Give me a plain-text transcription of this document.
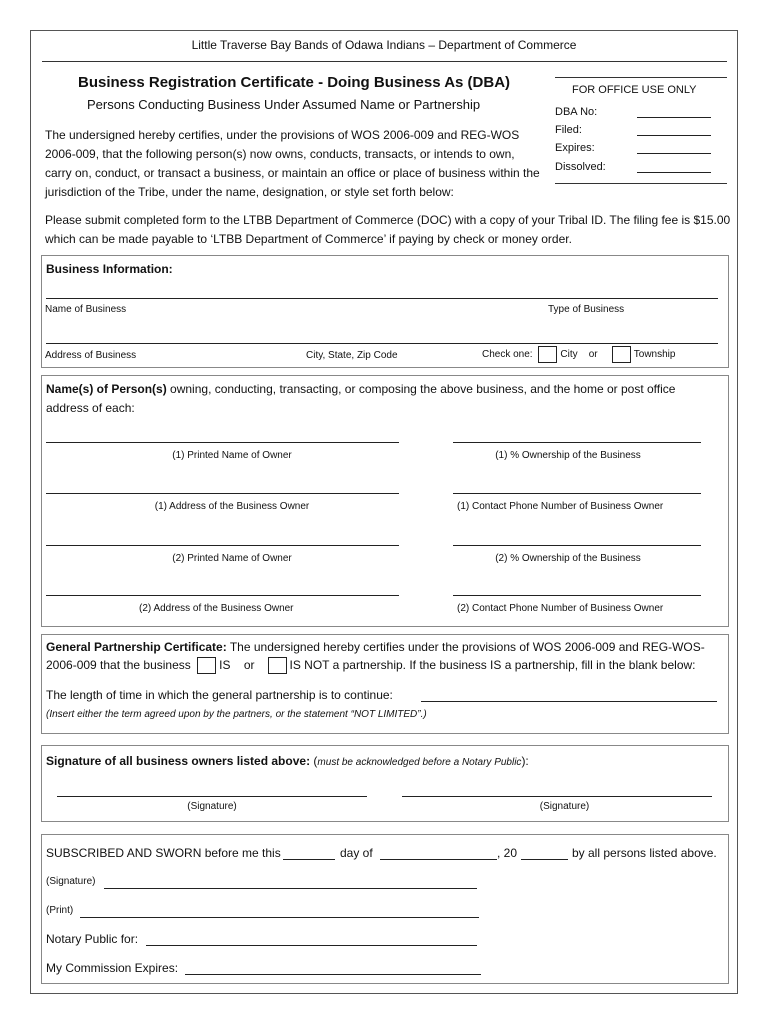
Little Traverse Bay Bands of Odawa Indians – Department of Commerce
Business Registration Certificate - Doing Business As (DBA)
Persons Conducting Business Under Assumed Name or Partnership
FOR OFFICE USE ONLY
DBA No:
Filed:
Expires:
Dissolved:
The undersigned hereby certifies, under the provisions of WOS 2006-009 and REG-WOS 2006-009, that the following person(s) now owns, conducts, transacts, or intends to own, carry on, conduct, or transact a business, or maintain an office or place of business within the jurisdiction of the Tribe, under the name, designation, or style set forth below:
Please submit completed form to the LTBB Department of Commerce (DOC) with a copy of your Tribal ID. The filing fee is $15.00 which can be made payable to ‘LTBB Department of Commerce’ if paying by check or money order.
Business Information:
Name of Business	Type of Business
Address of Business	City, State, Zip Code	Check one:	City or	Township
Name(s) of Person(s) owning, conducting, transacting, or composing the above business, and the home or post office address of each:
(1) Printed Name of Owner	(1) % Ownership of the Business
(1) Address of the Business Owner	(1) Contact Phone Number of Business Owner
(2) Printed Name of Owner	(2) % Ownership of the Business
(2) Address of the Business Owner	(2) Contact Phone Number of Business Owner
General Partnership Certificate: The undersigned hereby certifies under the provisions of WOS 2006-009 and REG-WOS-
2006-009 that the business IS or	IS NOT a partnership. If the business IS a partnership, fill in the blank below:
The length of time in which the general partnership is to continue:
(Insert either the term agreed upon by the partners, or the statement “NOT LIMITED”.)
Signature of all business owners listed above: (must be acknowledged before a Notary Public):
(Signature)	(Signature)
SUBSCRIBED AND SWORN before me this	day of	, 20	by all persons listed above.
(Signature)
(Print)
Notary Public for:
My Commission Expires:
